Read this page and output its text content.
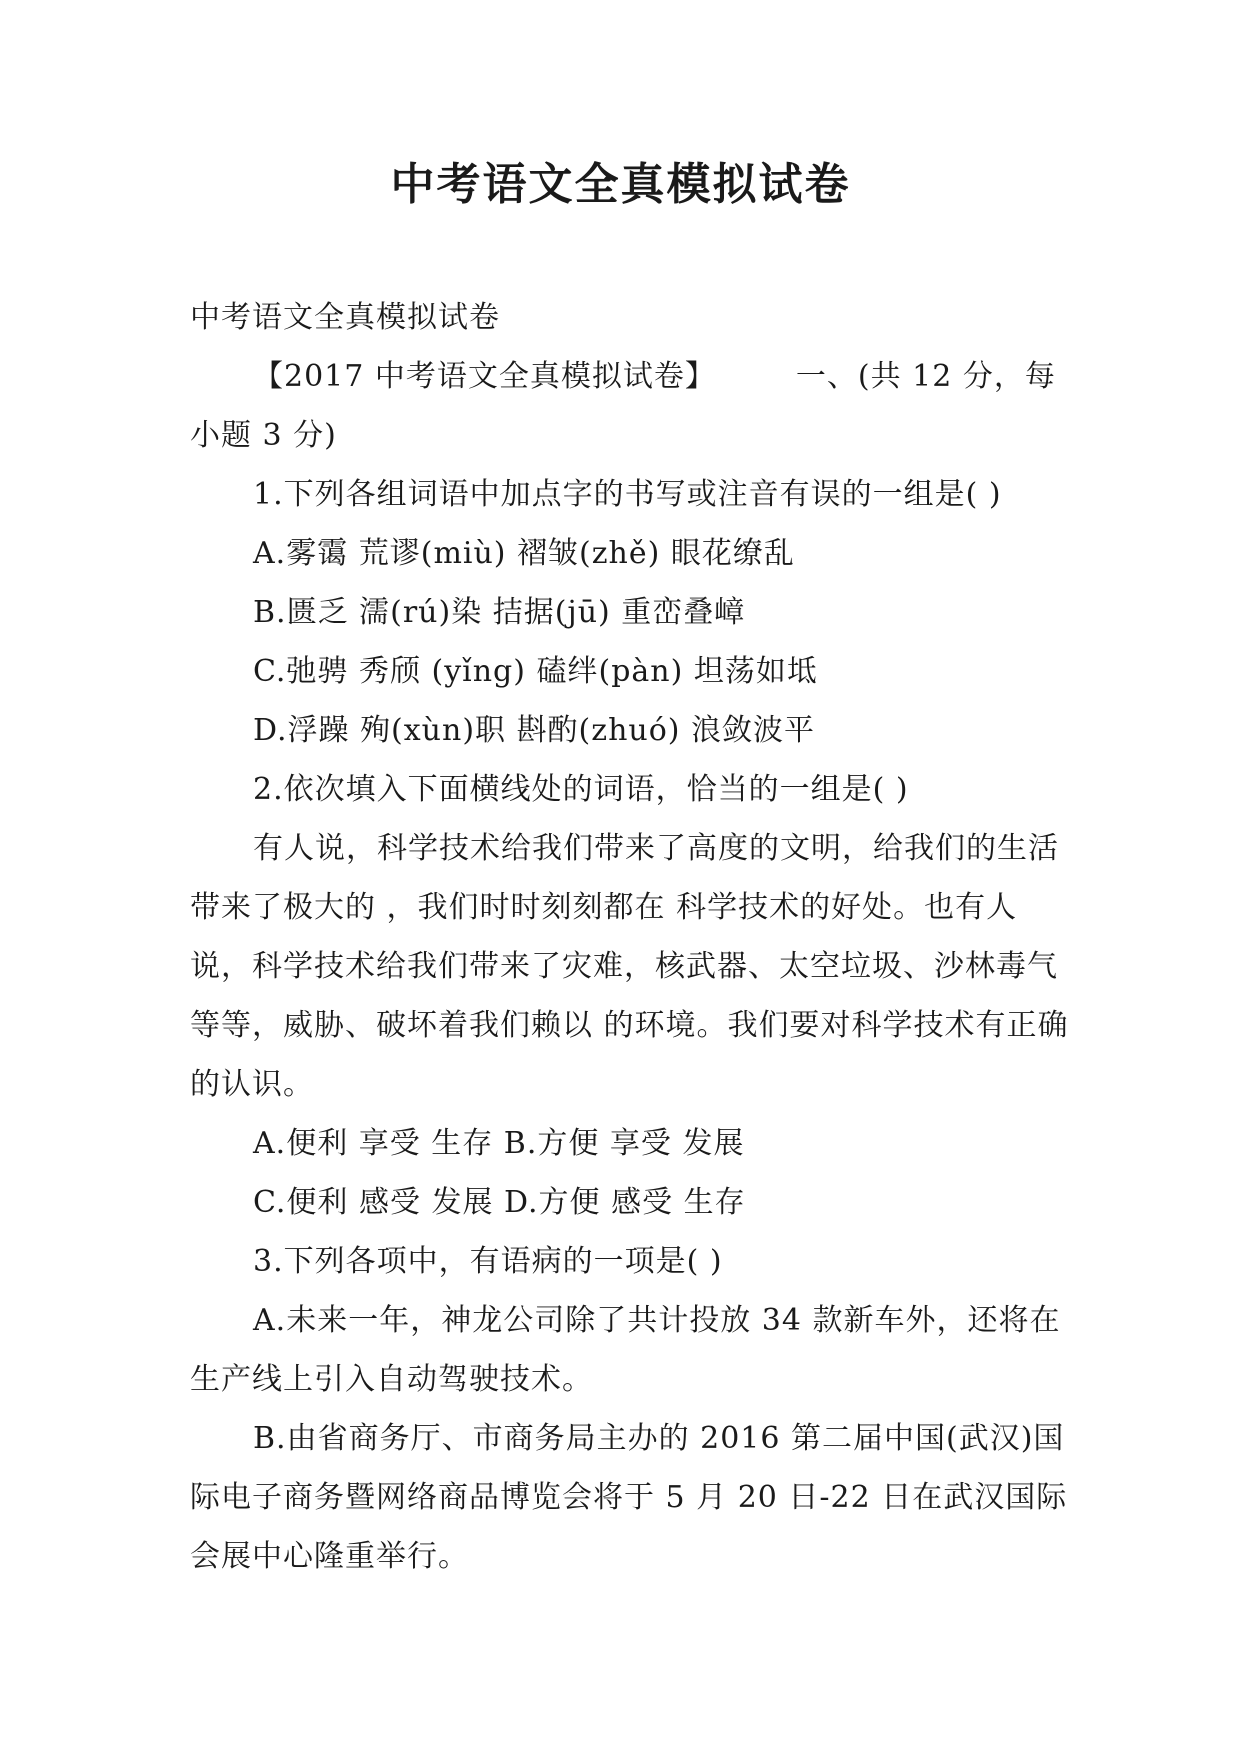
中考语文全真模拟试卷

中考语文全真模拟试卷

【2017 中考语文全真模拟试卷】	一、(共 12 分，每小题 3 分)

1.下列各组词语中加点字的书写或注音有误的一组是( )

A.雾霭 荒谬(miù) 褶皱(zhě) 眼花缭乱

B.匮乏 濡(rú)染 拮据(jū) 重峦叠嶂

C.弛骋 秀颀 (yǐng) 磕绊(pàn) 坦荡如坻

D.浮躁 殉(xùn)职 斟酌(zhuó) 浪敛波平

2.依次填入下面横线处的词语，恰当的一组是( )

有人说，科学技术给我们带来了高度的文明，给我们的生活带来了极大的 ，我们时时刻刻都在 科学技术的好处。也有人说，科学技术给我们带来了灾难，核武器、太空垃圾、沙林毒气等等，威胁、破坏着我们赖以 的环境。我们要对科学技术有正确的认识。

A.便利 享受 生存 B.方便 享受 发展

C.便利 感受 发展 D.方便 感受 生存

3.下列各项中，有语病的一项是( )

A.未来一年，神龙公司除了共计投放 34 款新车外，还将在生产线上引入自动驾驶技术。

B.由省商务厅、市商务局主办的 2016 第二届中国(武汉)国际电子商务暨网络商品博览会将于 5 月 20 日-22 日在武汉国际会展中心隆重举行。
